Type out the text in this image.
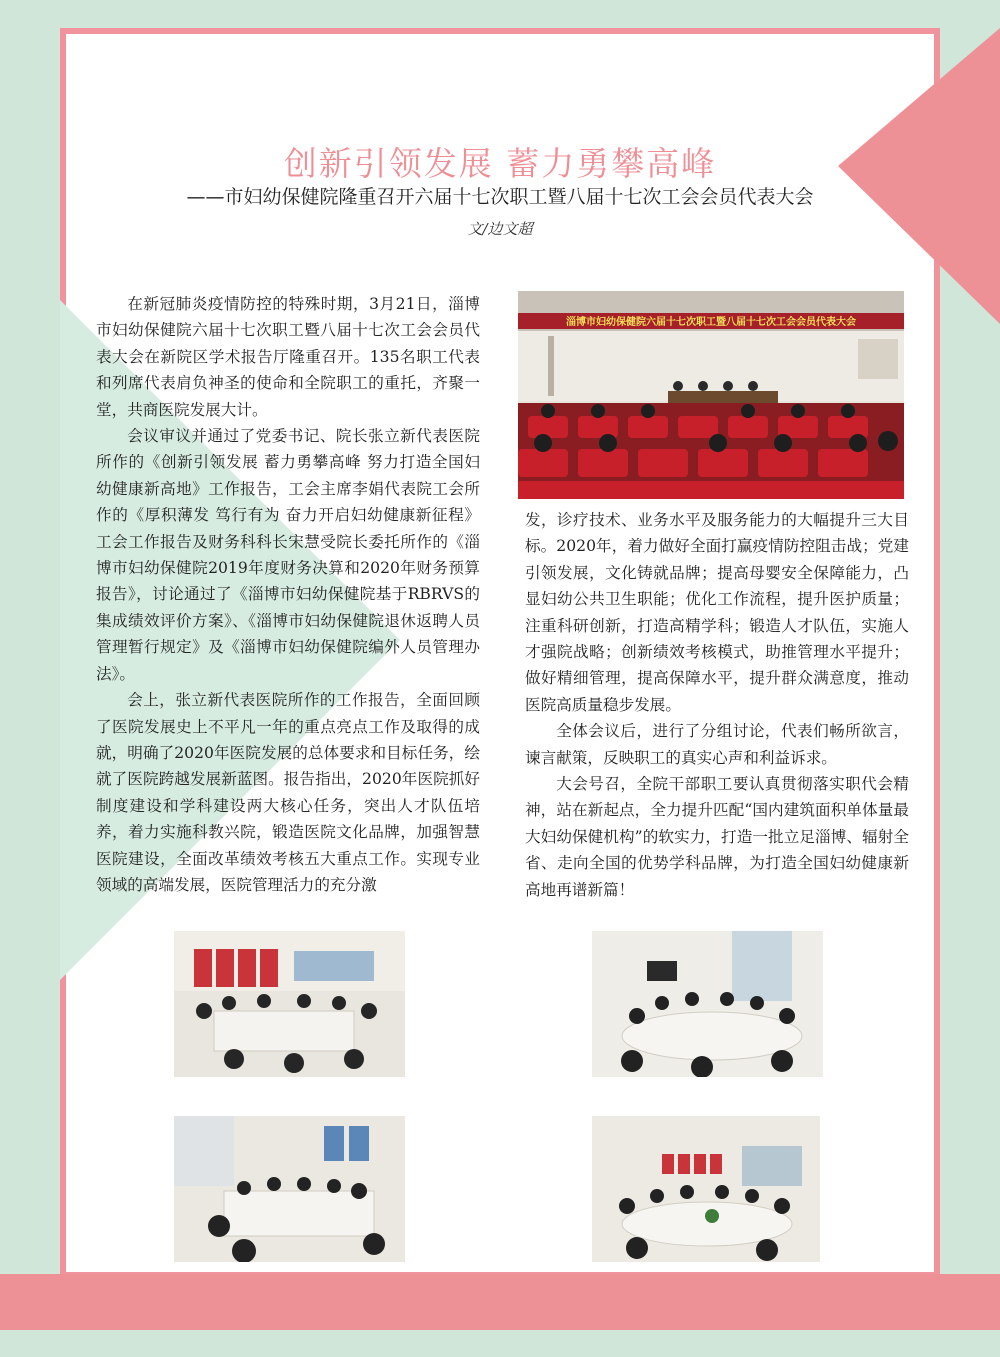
创新引领发展 蓄力勇攀高峰
——市妇幼保健院隆重召开六届十七次职工暨八届十七次工会会员代表大会
文/边文超

在新冠肺炎疫情防控的特殊时期，3月21日，淄博市妇幼保健院六届十七次职工暨八届十七次工会会员代表大会在新院区学术报告厅隆重召开。135名职工代表和列席代表肩负神圣的使命和全院职工的重托，齐聚一堂，共商医院发展大计。

会议审议并通过了党委书记、院长张立新代表医院所作的《创新引领发展 蓄力勇攀高峰 努力打造全国妇幼健康新高地》工作报告，工会主席李娟代表院工会所作的《厚积薄发 笃行有为 奋力开启妇幼健康新征程》工会工作报告及财务科科长宋慧受院长委托所作的《淄博市妇幼保健院2019年度财务决算和2020年财务预算报告》，讨论通过了《淄博市妇幼保健院基于RBRVS的集成绩效评价方案》、《淄博市妇幼保健院退休返聘人员管理暂行规定》及《淄博市妇幼保健院编外人员管理办法》。

会上，张立新代表医院所作的工作报告，全面回顾了医院发展史上不平凡一年的重点亮点工作及取得的成就，明确了2020年医院发展的总体要求和目标任务，绘就了医院跨越发展新蓝图。报告指出，2020年医院抓好制度建设和学科建设两大核心任务，突出人才队伍培养，着力实施科教兴院，锻造医院文化品牌，加强智慧医院建设，全面改革绩效考核五大重点工作。实现专业领域的高端发展，医院管理活力的充分激

淄博市妇幼保健院六届十七次职工暨八届十七次工会会员代表大会

发，诊疗技术、业务水平及服务能力的大幅提升三大目标。2020年，着力做好全面打赢疫情防控阻击战；党建引领发展，文化铸就品牌；提高母婴安全保障能力，凸显妇幼公共卫生职能；优化工作流程，提升医护质量；注重科研创新，打造高精学科；锻造人才队伍，实施人才强院战略；创新绩效考核模式，助推管理水平提升；做好精细管理，提高保障水平，提升群众满意度，推动医院高质量稳步发展。

全体会议后，进行了分组讨论，代表们畅所欲言，谏言献策，反映职工的真实心声和利益诉求。

大会号召，全院干部职工要认真贯彻落实职代会精神，站在新起点，全力提升匹配“国内建筑面积单体量最大妇幼保健机构”的软实力，打造一批立足淄博、辐射全省、走向全国的优势学科品牌，为打造全国妇幼健康新高地再谱新篇！
